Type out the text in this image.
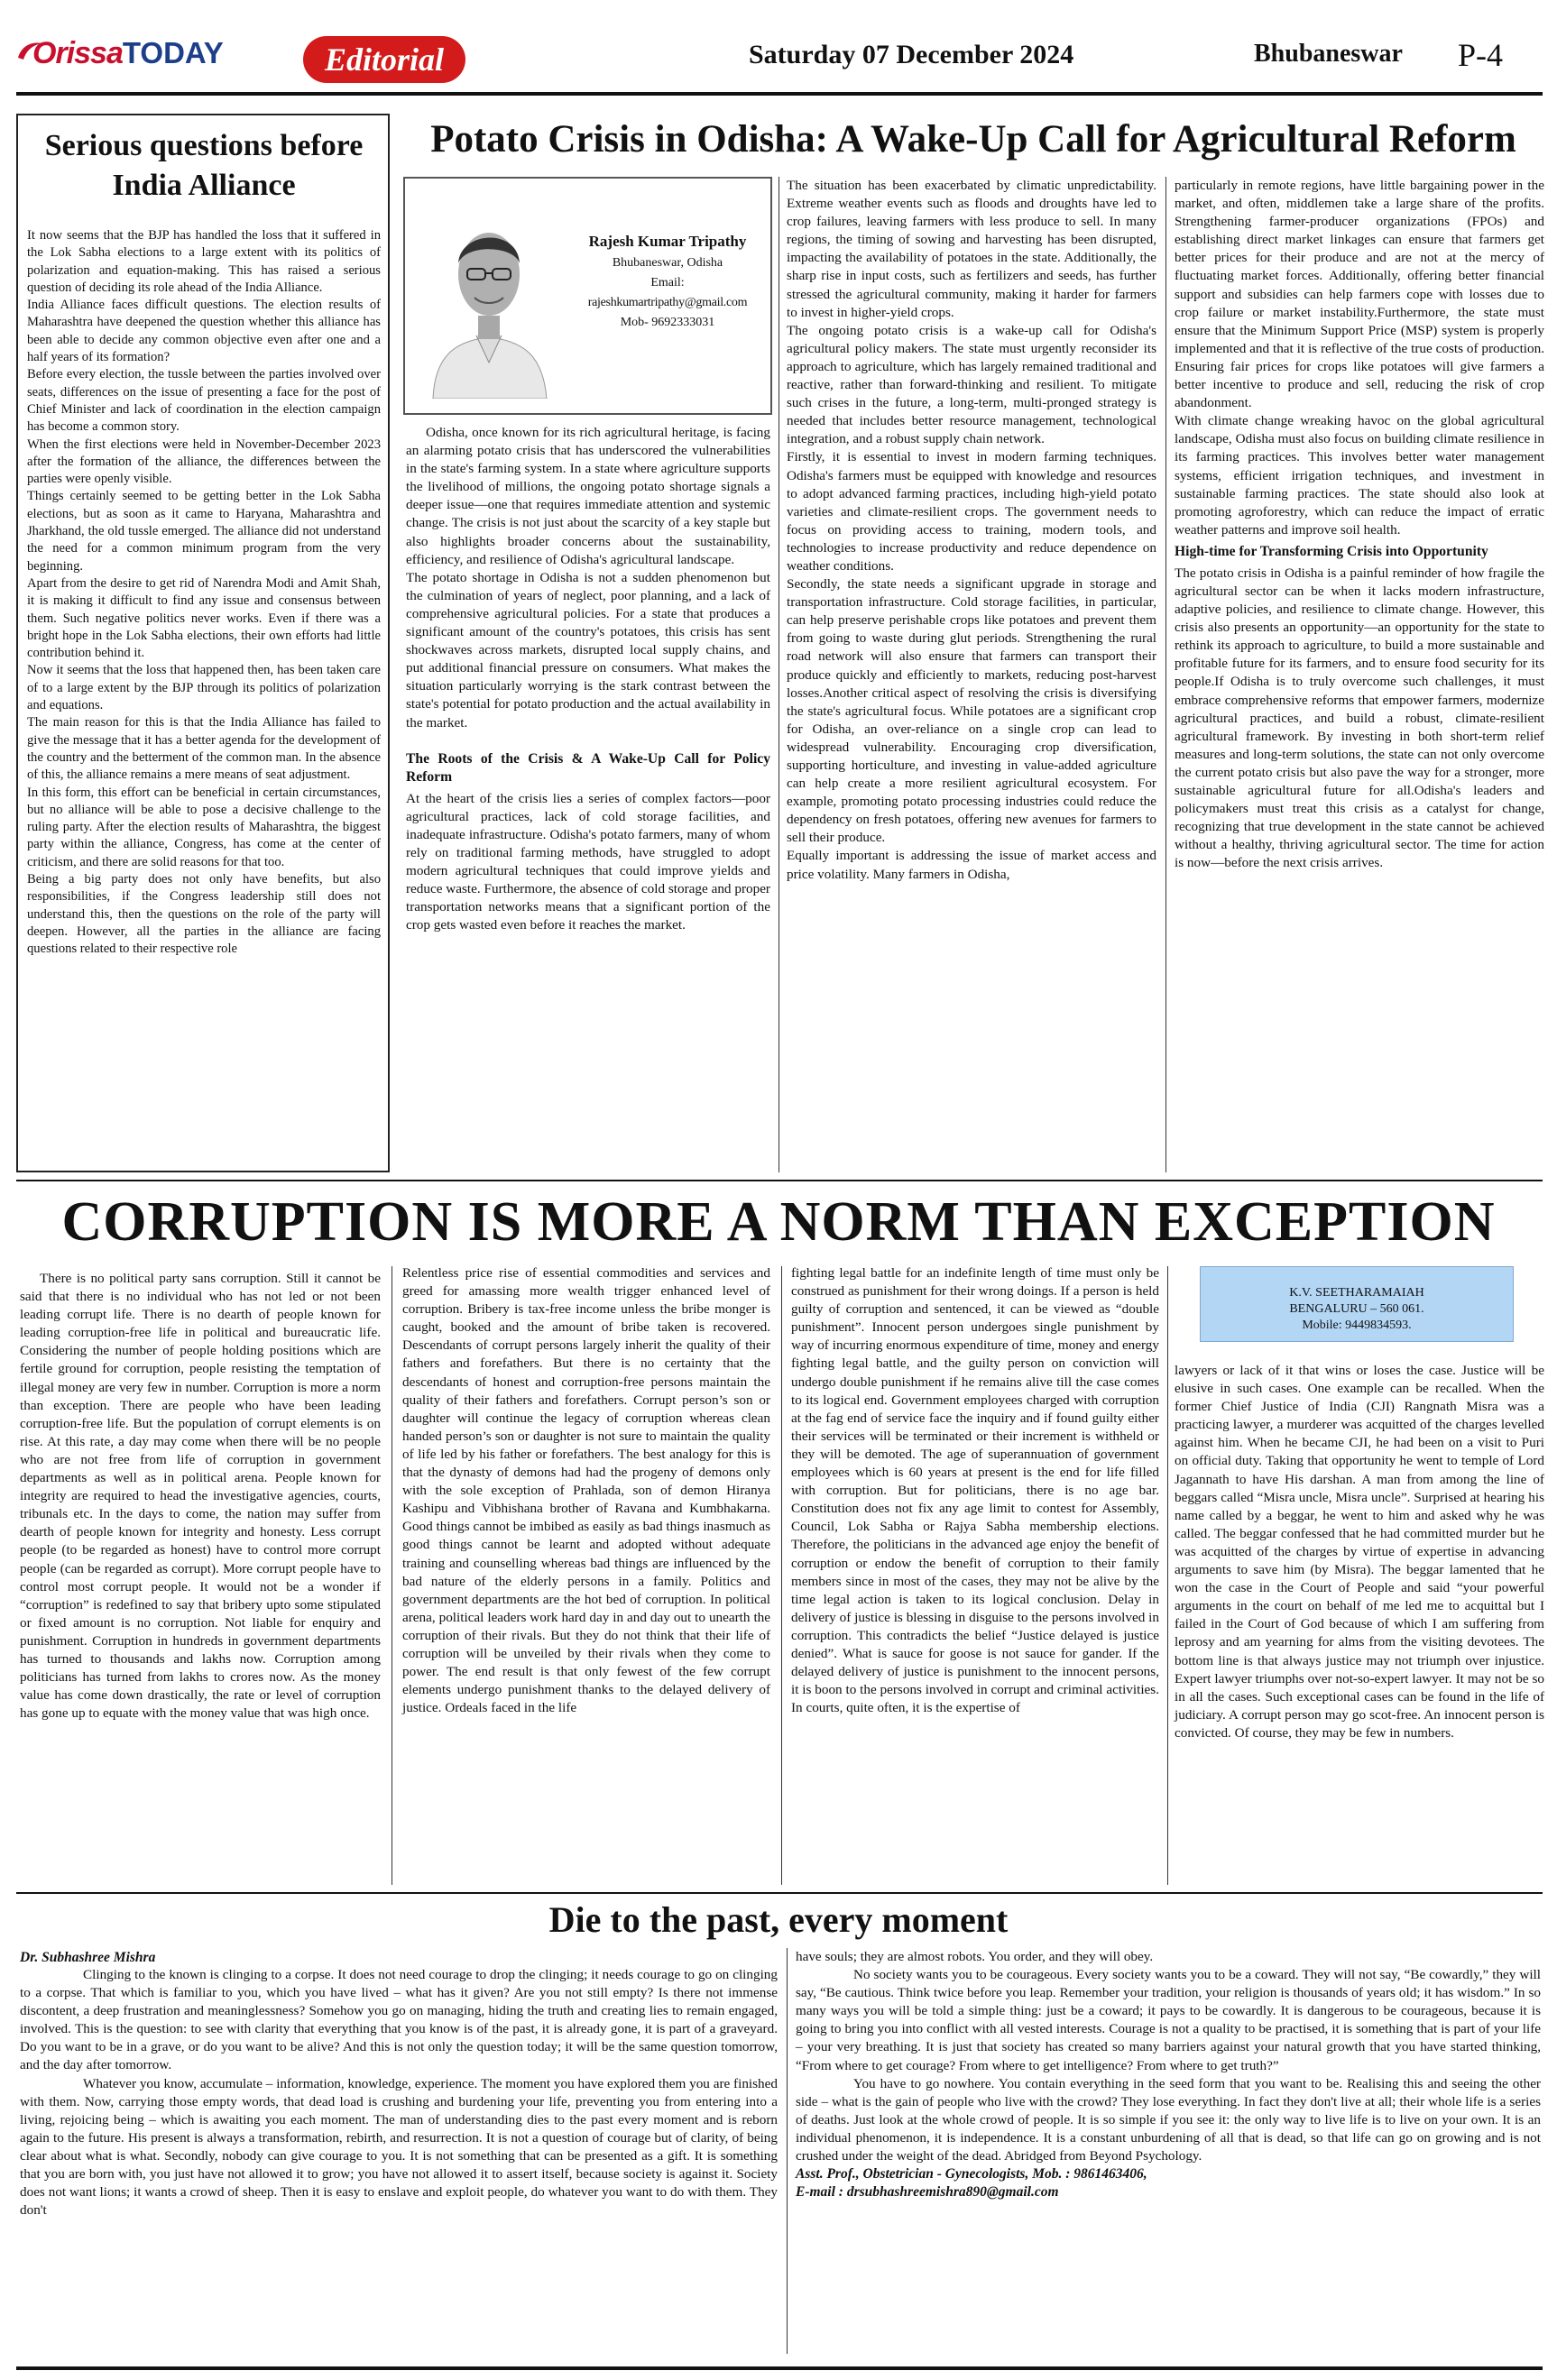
OrissaTODAY	Editorial	Saturday 07 December 2024	Bhubaneswar P-4
Serious questions before India Alliance

It now seems that the BJP has handled the loss that it suffered in the Lok Sabha elections to a large extent with its politics of polarization and equation-making. This has raised a serious question of deciding its role ahead of the India Alliance.

India Alliance faces difficult questions. The election results of Maharashtra have deepened the question whether this alliance has been able to decide any common objective even after one and a half years of its formation?

Before every election, the tussle between the parties involved over seats, differences on the issue of presenting a face for the post of Chief Minister and lack of coordination in the election campaign has become a common story.

When the first elections were held in November-December 2023 after the formation of the alliance, the differences between the parties were openly visible.

Things certainly seemed to be getting better in the Lok Sabha elections, but as soon as it came to Haryana, Maharashtra and Jharkhand, the old tussle emerged. The alliance did not understand the need for a common minimum program from the very beginning.

Apart from the desire to get rid of Narendra Modi and Amit Shah, it is making it difficult to find any issue and consensus between them. Such negative politics never works. Even if there was a bright hope in the Lok Sabha elections, their own efforts had little contribution behind it.

Now it seems that the loss that happened then, has been taken care of to a large extent by the BJP through its politics of polarization and equations.

The main reason for this is that the India Alliance has failed to give the message that it has a better agenda for the development of the country and the betterment of the common man. In the absence of this, the alliance remains a mere means of seat adjustment.

In this form, this effort can be beneficial in certain circumstances, but no alliance will be able to pose a decisive challenge to the ruling party. After the election results of Maharashtra, the biggest party within the alliance, Congress, has come at the center of criticism, and there are solid reasons for that too.

Being a big party does not only have benefits, but also responsibilities, if the Congress leadership still does not understand this, then the questions on the role of the party will deepen. However, all the parties in the alliance are facing questions related to their respective role

Potato Crisis in Odisha: A Wake-Up Call for Agricultural Reform
Rajesh Kumar Tripathy
Bhubaneswar, Odisha
Email:
rajeshkumartripathy@gmail.com
Mob- 9692333031

Odisha, once known for its rich agricultural heritage, is facing an alarming potato crisis that has underscored the vulnerabilities in the state's farming system. In a state where agriculture supports the livelihood of millions, the ongoing potato shortage signals a deeper issue—one that requires immediate attention and systemic change. The crisis is not just about the scarcity of a key staple but also highlights broader concerns about the sustainability, efficiency, and resilience of Odisha's agricultural landscape.

The potato shortage in Odisha is not a sudden phenomenon but the culmination of years of neglect, poor planning, and a lack of comprehensive agricultural policies. For a state that produces a significant amount of the country's potatoes, this crisis has sent shockwaves across markets, disrupted local supply chains, and put additional financial pressure on consumers. What makes the situation particularly worrying is the stark contrast between the state's potential for potato production and the actual availability in the market.

The Roots of the Crisis & A Wake-Up Call for Policy Reform

At the heart of the crisis lies a series of complex factors—poor agricultural practices, lack of cold storage facilities, and inadequate infrastructure. Odisha's potato farmers, many of whom rely on traditional farming methods, have struggled to adopt modern agricultural techniques that could improve yields and reduce waste. Furthermore, the absence of cold storage and proper transportation networks means that a significant portion of the crop gets wasted even before it reaches the market.

The situation has been exacerbated by climatic unpredictability. Extreme weather events such as floods and droughts have led to crop failures, leaving farmers with less produce to sell. In many regions, the timing of sowing and harvesting has been disrupted, impacting the availability of potatoes in the state. Additionally, the sharp rise in input costs, such as fertilizers and seeds, has further stressed the agricultural community, making it harder for farmers to invest in higher-yield crops.

The ongoing potato crisis is a wake-up call for Odisha's agricultural policy makers. The state must urgently reconsider its approach to agriculture, which has largely remained traditional and reactive, rather than forward-thinking and resilient. To mitigate such crises in the future, a long-term, multi-pronged strategy is needed that includes better resource management, technological integration, and a robust supply chain network.

Firstly, it is essential to invest in modern farming techniques. Odisha's farmers must be equipped with knowledge and resources to adopt advanced farming practices, including high-yield potato varieties and climate-resilient crops. The government needs to focus on providing access to training, modern tools, and technologies to increase productivity and reduce dependence on weather conditions.

Secondly, the state needs a significant upgrade in storage and transportation infrastructure. Cold storage facilities, in particular, can help preserve perishable crops like potatoes and prevent them from going to waste during glut periods. Strengthening the rural road network will also ensure that farmers can transport their produce quickly and efficiently to markets, reducing post-harvest losses.Another critical aspect of resolving the crisis is diversifying the state's agricultural focus. While potatoes are a significant crop for Odisha, an over-reliance on a single crop can lead to widespread vulnerability. Encouraging crop diversification, supporting horticulture, and investing in value-added agriculture can help create a more resilient agricultural ecosystem. For example, promoting potato processing industries could reduce the dependency on fresh potatoes, offering new avenues for farmers to sell their produce.

Equally important is addressing the issue of market access and price volatility. Many farmers in Odisha,

particularly in remote regions, have little bargaining power in the market, and often, middlemen take a large share of the profits. Strengthening farmer-producer organizations (FPOs) and establishing direct market linkages can ensure that farmers get better prices for their produce and are not at the mercy of fluctuating market forces. Additionally, offering better financial support and subsidies can help farmers cope with losses due to crop failure or market instability.Furthermore, the state must ensure that the Minimum Support Price (MSP) system is properly implemented and that it is reflective of the true costs of production. Ensuring fair prices for crops like potatoes will give farmers a better incentive to produce and sell, reducing the risk of crop abandonment.

With climate change wreaking havoc on the global agricultural landscape, Odisha must also focus on building climate resilience in its farming practices. This involves better water management systems, efficient irrigation techniques, and investment in sustainable farming practices. The state should also look at promoting agroforestry, which can reduce the impact of erratic weather patterns and improve soil health.

High-time for Transforming Crisis into Opportunity

The potato crisis in Odisha is a painful reminder of how fragile the agricultural sector can be when it lacks modern infrastructure, adaptive policies, and resilience to climate change. However, this crisis also presents an opportunity—an opportunity for the state to rethink its approach to agriculture, to build a more sustainable and profitable future for its farmers, and to ensure food security for its people.If Odisha is to truly overcome such challenges, it must embrace comprehensive reforms that empower farmers, modernize agricultural practices, and build a robust, climate-resilient agricultural framework. By investing in both short-term relief measures and long-term solutions, the state can not only overcome the current potato crisis but also pave the way for a stronger, more sustainable agricultural future for all.Odisha's leaders and policymakers must treat this crisis as a catalyst for change, recognizing that true development in the state cannot be achieved without a healthy, thriving agricultural sector. The time for action is now—before the next crisis arrives.

CORRUPTION IS MORE A NORM THAN EXCEPTION

There is no political party sans corruption. Still it cannot be said that there is no individual who has not led or not been leading corrupt life. There is no dearth of people known for leading corruption-free life in political and bureaucratic life. Considering the number of people holding positions which are fertile ground for corruption, people resisting the temptation of illegal money are very few in number. Corruption is more a norm than exception. There are people who have been leading corruption-free life. But the population of corrupt elements is on rise. At this rate, a day may come when there will be no people who are not free from life of corruption in government departments as well as in political arena. People known for integrity are required to head the investigative agencies, courts, tribunals etc. In the days to come, the nation may suffer from dearth of people known for integrity and honesty. Less corrupt people (to be regarded as honest) have to control more corrupt people (can be regarded as corrupt). More corrupt people have to control most corrupt people. It would not be a wonder if “corruption” is redefined to say that bribery upto some stipulated or fixed amount is no corruption. Not liable for enquiry and punishment. Corruption in hundreds in government departments has turned to thousands and lakhs now. Corruption among politicians has turned from lakhs to crores now. As the money value has come down drastically, the rate or level of corruption has gone up to equate with the money value that was high once.

Relentless price rise of essential commodities and services and greed for amassing more wealth trigger enhanced level of corruption. Bribery is tax-free income unless the bribe monger is caught, booked and the amount of bribe taken is recovered. Descendants of corrupt persons largely inherit the quality of their fathers and forefathers. But there is no certainty that the descendants of honest and corruption-free persons maintain the quality of their fathers and forefathers. Corrupt person’s son or daughter will continue the legacy of corruption whereas clean handed person’s son or daughter is not sure to maintain the quality of life led by his father or forefathers. The best analogy for this is that the dynasty of demons had had the progeny of demons only with the sole exception of Prahlada, son of demon Hiranya Kashipu and Vibhishana brother of Ravana and Kumbhakarna. Good things cannot be imbibed as easily as bad things inasmuch as good things cannot be learnt and adopted without adequate training and counselling whereas bad things are influenced by the bad nature of the elderly persons in a family. Politics and government departments are the hot bed of corruption. In political arena, political leaders work hard day in and day out to unearth the corruption of their rivals. But they do not think that their life of corruption will be unveiled by their rivals when they come to power. The end result is that only fewest of the few corrupt elements undergo punishment thanks to the delayed delivery of justice. Ordeals faced in the life

fighting legal battle for an indefinite length of time must only be construed as punishment for their wrong doings. If a person is held guilty of corruption and sentenced, it can be viewed as “double punishment”. Innocent person undergoes single punishment by way of incurring enormous expenditure of time, money and energy fighting legal battle, and the guilty person on conviction will undergo double punishment if he remains alive till the case comes to its logical end. Government employees charged with corruption at the fag end of service face the inquiry and if found guilty either their services will be terminated or their increment is withheld or they will be demoted. The age of superannuation of government employees which is 60 years at present is the end for life filled with corruption. But for politicians, there is no age bar. Constitution does not fix any age limit to contest for Assembly, Council, Lok Sabha or Rajya Sabha membership elections. Therefore, the politicians in the advanced age enjoy the benefit of corruption or endow the benefit of corruption to their family members since in most of the cases, they may not be alive by the time legal action is taken to its logical conclusion. Delay in delivery of justice is blessing in disguise to the persons involved in corruption. This contradicts the belief “Justice delayed is justice denied”. What is sauce for goose is not sauce for gander. If the delayed delivery of justice is punishment to the innocent persons, it is boon to the persons involved in corrupt and criminal activities. In courts, quite often, it is the expertise of

K.V. SEETHARAMAIAH
BENGALURU – 560 061.
Mobile: 9449834593.

lawyers or lack of it that wins or loses the case. Justice will be elusive in such cases. One example can be recalled. When the former Chief Justice of India (CJI) Rangnath Misra was a practicing lawyer, a murderer was acquitted of the charges levelled against him. When he became CJI, he had been on a visit to Puri on official duty. Taking that opportunity he went to temple of Lord Jagannath to have His darshan. A man from among the line of beggars called “Misra uncle, Misra uncle”. Surprised at hearing his name called by a beggar, he went to him and asked why he was called. The beggar confessed that he had committed murder but he was acquitted of the charges by virtue of expertise in advancing arguments to save him (by Misra). The beggar lamented that he won the case in the Court of People and said “your powerful arguments in the court on behalf of me led me to acquittal but I failed in the Court of God because of which I am suffering from leprosy and am yearning for alms from the visiting devotees. The bottom line is that always justice may not triumph over injustice. Expert lawyer triumphs over not-so-expert lawyer. It may not be so in all the cases. Such exceptional cases can be found in the life of judiciary. A corrupt person may go scot-free. An innocent person is convicted. Of course, they may be few in numbers.

Die to the past, every moment
Dr. Subhashree Mishra

Clinging to the known is clinging to a corpse. It does not need courage to drop the clinging; it needs courage to go on clinging to a corpse. That which is familiar to you, which you have lived – what has it given? Are you not still empty? Is there not immense discontent, a deep frustration and meaninglessness? Somehow you go on managing, hiding the truth and creating lies to remain engaged, involved. This is the question: to see with clarity that everything that you know is of the past, it is already gone, it is part of a graveyard. Do you want to be in a grave, or do you want to be alive? And this is not only the question today; it will be the same question tomorrow, and the day after tomorrow.

Whatever you know, accumulate – information, knowledge, experience. The moment you have explored them you are finished with them. Now, carrying those empty words, that dead load is crushing and burdening your life, preventing you from entering into a living, rejoicing being – which is awaiting you each moment. The man of understanding dies to the past every moment and is reborn again to the future. His present is always a transformation, rebirth, and resurrection. It is not a question of courage but of clarity, of being clear about what is what. Secondly, nobody can give courage to you. It is not something that can be presented as a gift. It is something that you are born with, you just have not allowed it to grow; you have not allowed it to assert itself, because society is against it. Society does not want lions; it wants a crowd of sheep. Then it is easy to enslave and exploit people, do whatever you want to do with them. They don't

have souls; they are almost robots. You order, and they will obey.

No society wants you to be courageous. Every society wants you to be a coward. They will not say, “Be cowardly,” they will say, “Be cautious. Think twice before you leap. Remember your tradition, your religion is thousands of years old; it has wisdom.” In so many ways you will be told a simple thing: just be a coward; it pays to be cowardly. It is dangerous to be courageous, because it is going to bring you into conflict with all vested interests. Courage is not a quality to be practised, it is something that is part of your life – your very breathing. It is just that society has created so many barriers against your natural growth that you have started thinking, “From where to get courage? From where to get intelligence? From where to get truth?”

You have to go nowhere. You contain everything in the seed form that you want to be. Realising this and seeing the other side – what is the gain of people who live with the crowd? They lose everything. In fact they don't live at all; their whole life is a series of deaths. Just look at the whole crowd of people. It is so simple if you see it: the only way to live life is to live on your own. It is an individual phenomenon, it is independence. It is a constant unburdening of all that is dead, so that life can go on growing and is not crushed under the weight of the dead. Abridged from Beyond Psychology.

Asst. Prof., Obstetrician - Gynecologists, Mob. : 9861463406,

E-mail : drsubhashreemishra890@gmail.com
